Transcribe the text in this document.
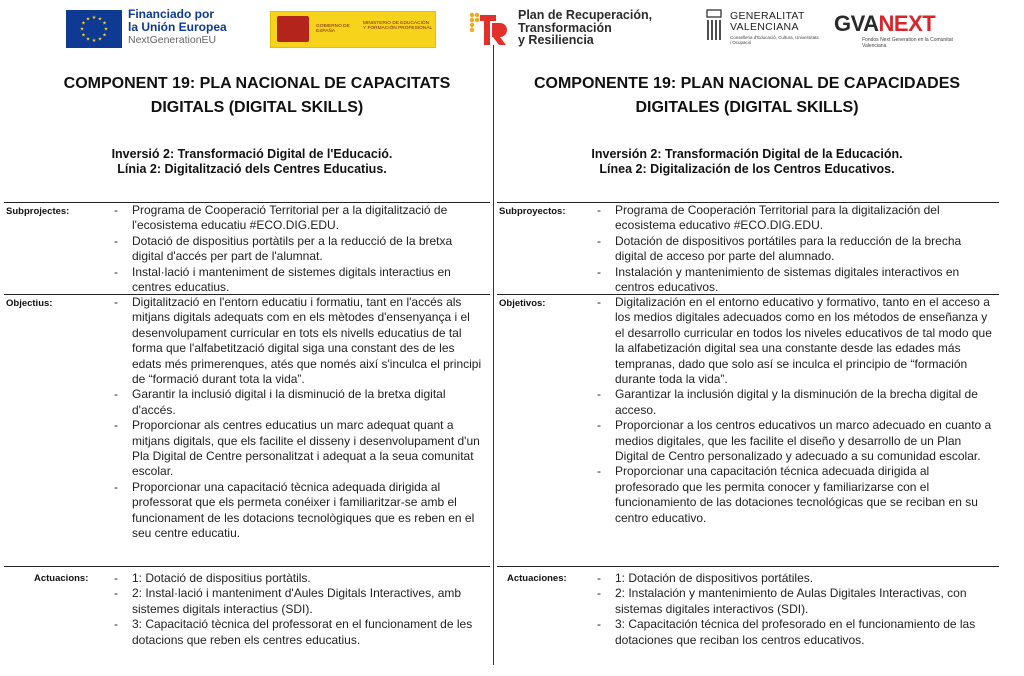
★ ★
★
★
★
★
★
★
★
★
★
★	Financiado por
la Unión Europea
NextGenerationEU
GOBIERNO DE ESPAÑA
MINISTERIO DE EDUCACIÓN Y FORMACIÓN PROFESIONAL
Plan de Recuperación,
Transformación
y Resiliencia
GENERALITAT
VALENCIANA
Conselleria d'Educació, Cultura, Universitats i Ocupació
GVANEXT
Fondos Next Generation en la Comunitat Valenciana

COMPONENT 19: PLA NACIONAL DE CAPACITATS DIGITALS (DIGITAL SKILLS)

Inversió 2: Transformació Digital de l'Educació.

Línia 2: Digitalització dels Centres Educatius.

Subprojectes:	- Programa de Cooperació Territorial per a la digitalització de l'ecosistema educatiu #ECO.DIG.EDU.
- Dotació de dispositius portàtils per a la reducció de la bretxa digital d'accés per part de l'alumnat.
- Instal·lació i manteniment de sistemes digitals interactius en centres educatius.
Objectius:	- Digitalització en l'entorn educatiu i formatiu, tant en l'accés als mitjans digitals adequats com en els mètodes d'ensenyança i el desenvolupament curricular en tots els nivells educatius de tal forma que l'alfabetització digital siga una constant des de les edats més primerenques, atés que només així s'inculca el principi de “formació durant tota la vida”.
- Garantir la inclusió digital i la disminució de la bretxa digital d'accés.
- Proporcionar als centres educatius un marc adequat quant a mitjans digitals, que els facilite el disseny i desenvolupament d'un Pla Digital de Centre personalitzat i adequat a la seua comunitat escolar.
- Proporcionar una capacitació tècnica adequada dirigida al professorat que els permeta conéixer i familiaritzar-se amb el funcionament de les dotacions tecnològiques que es reben en el seu centre educatiu.
Actuacions:	- 1: Dotació de dispositius portàtils.
- 2: Instal·lació i manteniment d'Aules Digitals Interactives, amb sistemes digitals interactius (SDI).
- 3: Capacitació tècnica del professorat en el funcionament de les dotacions que reben els centres educatius.

COMPONENTE 19: PLAN NACIONAL DE CAPACIDADES DIGITALES (DIGITAL SKILLS)

Inversión 2: Transformación Digital de la Educación.

Línea 2: Digitalización de los Centros Educativos.

Subproyectos:	- Programa de Cooperación Territorial para la digitalización del ecosistema educativo #ECO.DIG.EDU.
- Dotación de dispositivos portátiles para la reducción de la brecha digital de acceso por parte del alumnado.
- Instalación y mantenimiento de sistemas digitales interactivos en centros educativos.
Objetivos:	- Digitalización en el entorno educativo y formativo, tanto en el acceso a los medios digitales adecuados como en los métodos de enseñanza y el desarrollo curricular en todos los niveles educativos de tal modo que la alfabetización digital sea una constante desde las edades más tempranas, dado que solo así se inculca el principio de “formación durante toda la vida”.
- Garantizar la inclusión digital y la disminución de la brecha digital de acceso.
- Proporcionar a los centros educativos un marco adecuado en cuanto a medios digitales, que les facilite el diseño y desarrollo de un Plan Digital de Centro personalizado y adecuado a su comunidad escolar.
- Proporcionar una capacitación técnica adecuada dirigida al profesorado que les permita conocer y familiarizarse con el funcionamiento de las dotaciones tecnológicas que se reciban en su centro educativo.
Actuaciones:	- 1: Dotación de dispositivos portátiles.
- 2: Instalación y mantenimiento de Aulas Digitales Interactivas, con sistemas digitales interactivos (SDI).
- 3: Capacitación técnica del profesorado en el funcionamiento de las dotaciones que reciban los centros educativos.
